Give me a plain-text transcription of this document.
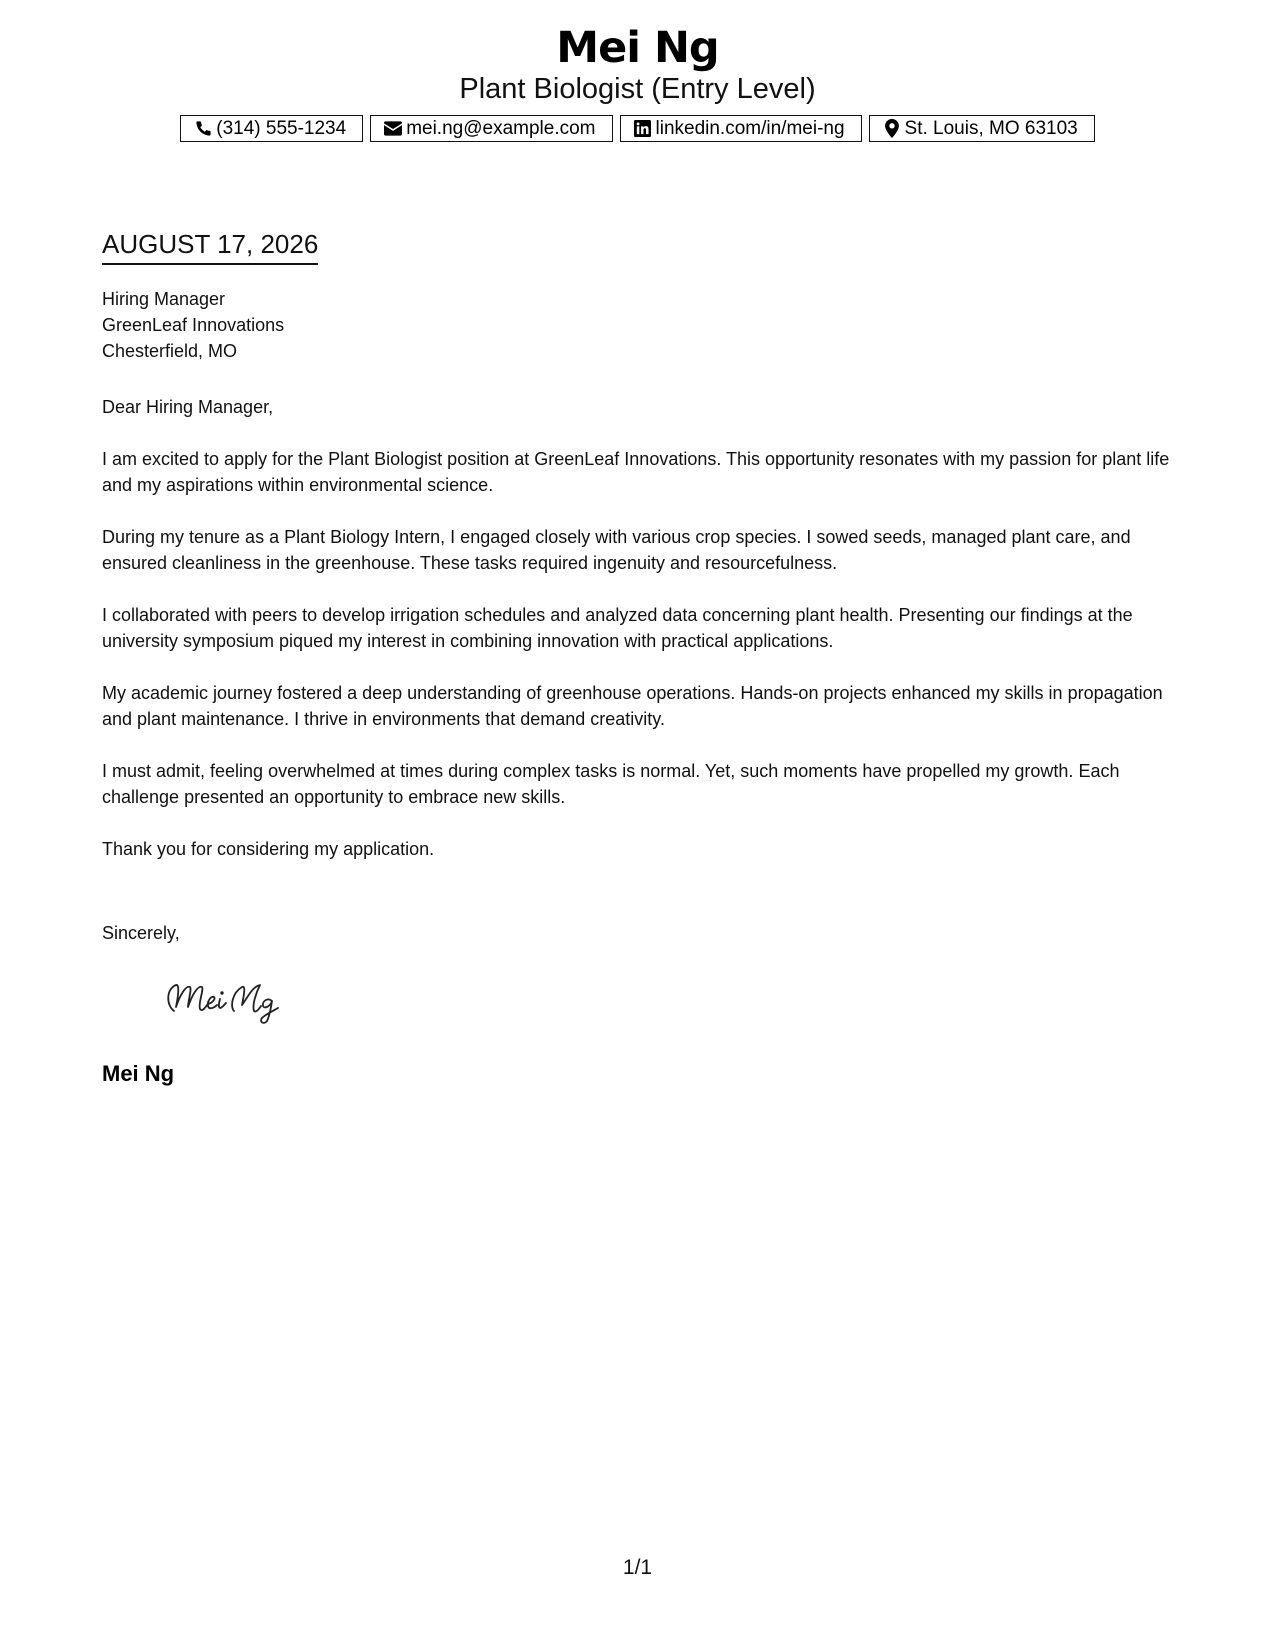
Mei Ng
Plant Biologist (Entry Level)
(314) 555-1234	mei.ng@example.com	linkedin.com/in/mei-ng	St. Louis, MO 63103
AUGUST 17, 2026
Hiring Manager
GreenLeaf Innovations
Chesterfield, MO

Dear Hiring Manager,

I am excited to apply for the Plant Biologist position at GreenLeaf Innovations. This opportunity resonates with my passion for plant life and my aspirations within environmental science.

During my tenure as a Plant Biology Intern, I engaged closely with various crop species. I sowed seeds, managed plant care, and ensured cleanliness in the greenhouse. These tasks required ingenuity and resourcefulness.

I collaborated with peers to develop irrigation schedules and analyzed data concerning plant health. Presenting our findings at the university symposium piqued my interest in combining innovation with practical applications.

My academic journey fostered a deep understanding of greenhouse operations. Hands-on projects enhanced my skills in propagation and plant maintenance. I thrive in environments that demand creativity.

I must admit, feeling overwhelmed at times during complex tasks is normal. Yet, such moments have propelled my growth. Each challenge presented an opportunity to embrace new skills.

Thank you for considering my application.

Sincerely,
Mei Ng
1/1
